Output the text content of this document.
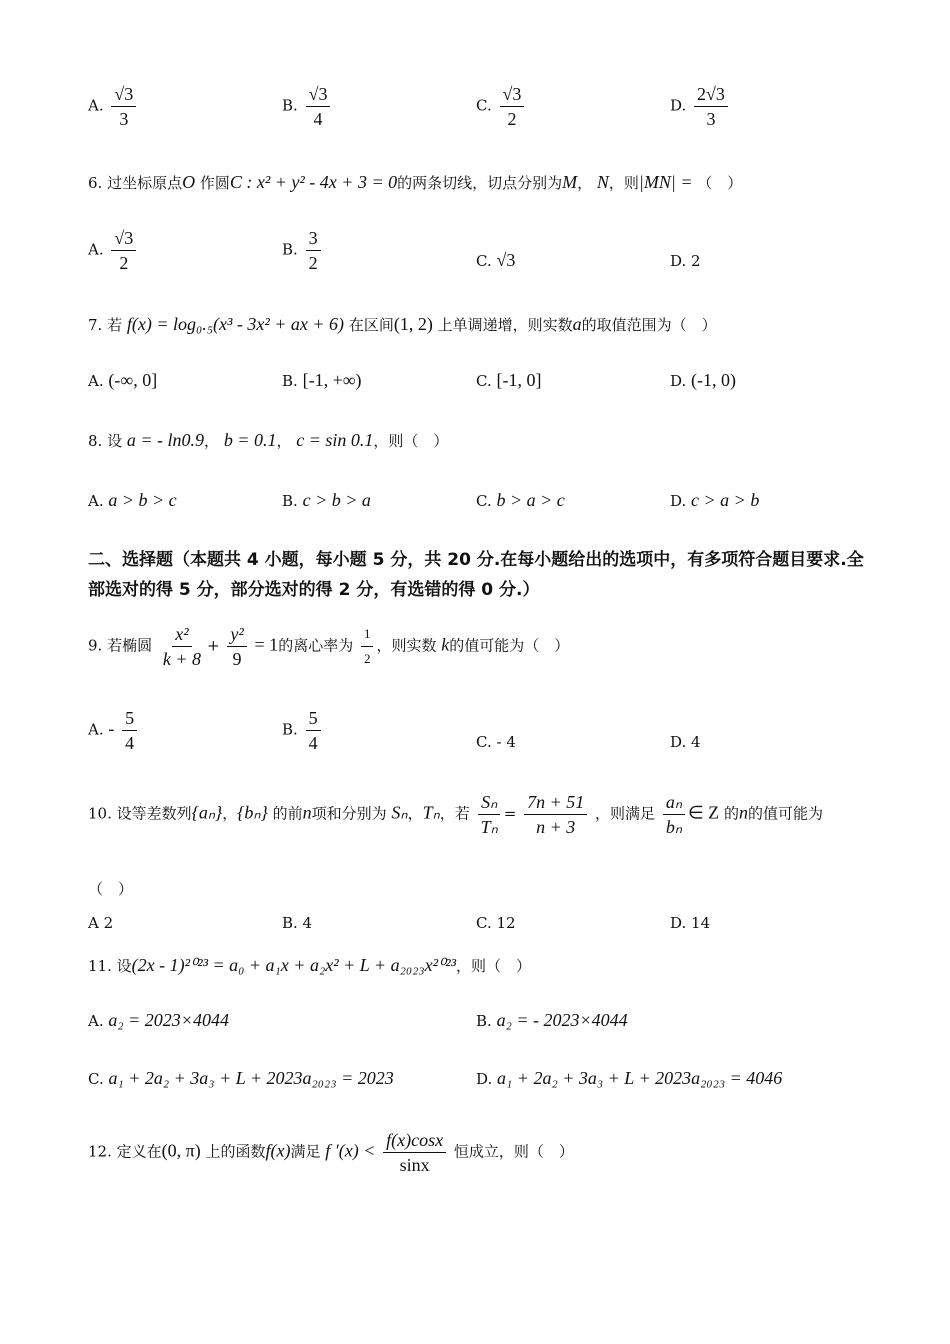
A. $\frac{√3}{3}$	B. $\frac{√3}{4}$	C. $\frac{√3}{2}$	D. $\frac{2√3}{3}$
6. 过坐标原点O 作圆C : x² + y² - 4x + 3 = 0的两条切线，切点分别为M， N，则|MN| = （　）
A. $\frac{√3}{2}$	B. $\frac{3}{2}$	C. √3	D. 2
7. 若 f(x) = log₀.₅(x³ - 3x² + ax + 6) 在区间(1, 2) 上单调递增，则实数a的取值范围为（　）
A. (-∞, 0]	B. [-1, +∞)	C. [-1, 0]	D. (-1, 0)
8. 设 a = - ln0.9， b = 0.1， c = sin 0.1，则（　）
A. a > b > c	B. c > b > a	C. b > a > c	D. c > a > b
二、选择题（本题共 4 小题，每小题 5 分，共 20 分.在每小题给出的选项中，有多项符合题目要求.全部选对的得 5 分，部分选对的得 2 分，有选错的得 0 分.）
9. 若椭圆 $\frac{\text{x²}}{k + 8} + \frac{\text{y²}}{9} = 1$的离心率为 $\frac{1}{2}$ ，则实数 k的值可能为（　）
A. - $\frac{5}{4}$	B. $\frac{5}{4}$	C. - 4	D. 4
10. 设等差数列{aₙ}，{bₙ} 的前n项和分别为 Sₙ，Tₙ，若 $\frac{\text{Sₙ}}{\text{Tₙ}} = \frac{7n + 51}{n + 3}$ ，则满足 $\frac{\text{aₙ}}{\text{bₙ}}$ ∈ Z 的n的值可能为
（　）
A 2	B. 4	C. 12	D. 14
11. 设(2x - 1)²⁰²³ = a₀ + a₁x + a₂x² + L + a₂₀₂₃x²⁰²³，则（　）
A. a₂ = 2023×4044	B. a₂ = - 2023×4044
C. a₁ + 2a₂ + 3a₃ + L + 2023a₂₀₂₃ = 2023	D. a₁ + 2a₂ + 3a₃ + L + 2023a₂₀₂₃ = 4046
12. 定义在(0, π) 上的函数f(x)满足 f $'(x) < \frac{f(x)\cos x}{\sin x}$ 恒成立，则（　）
